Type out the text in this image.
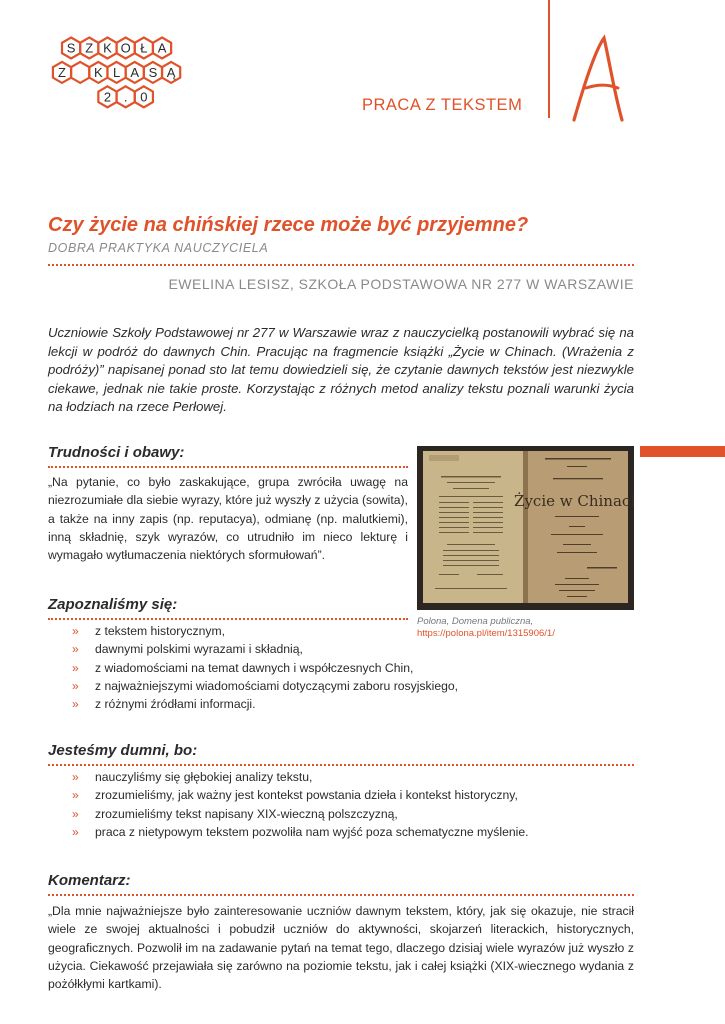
S Z K O Ł A
Z K L A S Ą
2 . 0	PRACA Z TEKSTEM
A
Czy życie na chińskiej rzece może być przyjemne?
DOBRA PRAKTYKA NAUCZYCIELA
EWELINA LESISZ, SZKOŁA PODSTAWOWA NR 277 W WARSZAWIE

Uczniowie Szkoły Podstawowej nr 277 w Warszawie wraz z nauczycielką postanowili wybrać się na lekcji w podróż do dawnych Chin. Pracując na fragmencie książki „Życie w Chinach. (Wrażenia z podróży)” napisanej ponad sto lat temu dowiedzieli się, że czytanie dawnych tekstów jest niezwykle ciekawe, jednak nie takie proste. Korzystając z różnych metod analizy tekstu poznali warunki życia na łodziach na rzece Perłowej.

Trudności i obawy:

„Na pytanie, co było zaskakujące, grupa zwróciła uwagę na niezrozumiałe dla siebie wyrazy, które już wyszły z użycia (sowita), a także na inny zapis (np. reputacya), odmianę (np. malutkiemi), inną składnię, szyk wyrazów, co utrudniło im nieco lekturę i wymagało wytłumaczenia niektórych sformułowań”.

Życie w Chinach
Polona, Domena publiczna,
https://polona.pl/item/1315906/1/
Zapoznaliśmy się:
» z tekstem historycznym,
» dawnymi polskimi wyrazami i składnią,
» z wiadomościami na temat dawnych i współczesnych Chin,
» z najważniejszymi wiadomościami dotyczącymi zaboru rosyjskiego,
» z różnymi źródłami informacji.
Jesteśmy dumni, bo:
» nauczyliśmy się głębokiej analizy tekstu,
» zrozumieliśmy, jak ważny jest kontekst powstania dzieła i kontekst historyczny,
» zrozumieliśmy tekst napisany XIX-wieczną polszczyzną,
» praca z nietypowym tekstem pozwoliła nam wyjść poza schematyczne myślenie.
Komentarz:

„Dla mnie najważniejsze było zainteresowanie uczniów dawnym tekstem, który, jak się okazuje, nie stracił wiele ze swojej aktualności i pobudził uczniów do aktywności, skojarzeń literackich, historycznych, geograficznych. Pozwolił im na zadawanie pytań na temat tego, dlaczego dzisiaj wiele wyrazów już wyszło z użycia. Ciekawość przejawiała się zarówno na poziomie tekstu, jak i całej książki (XIX-wiecznego wydania z pożółkłymi kartkami).
